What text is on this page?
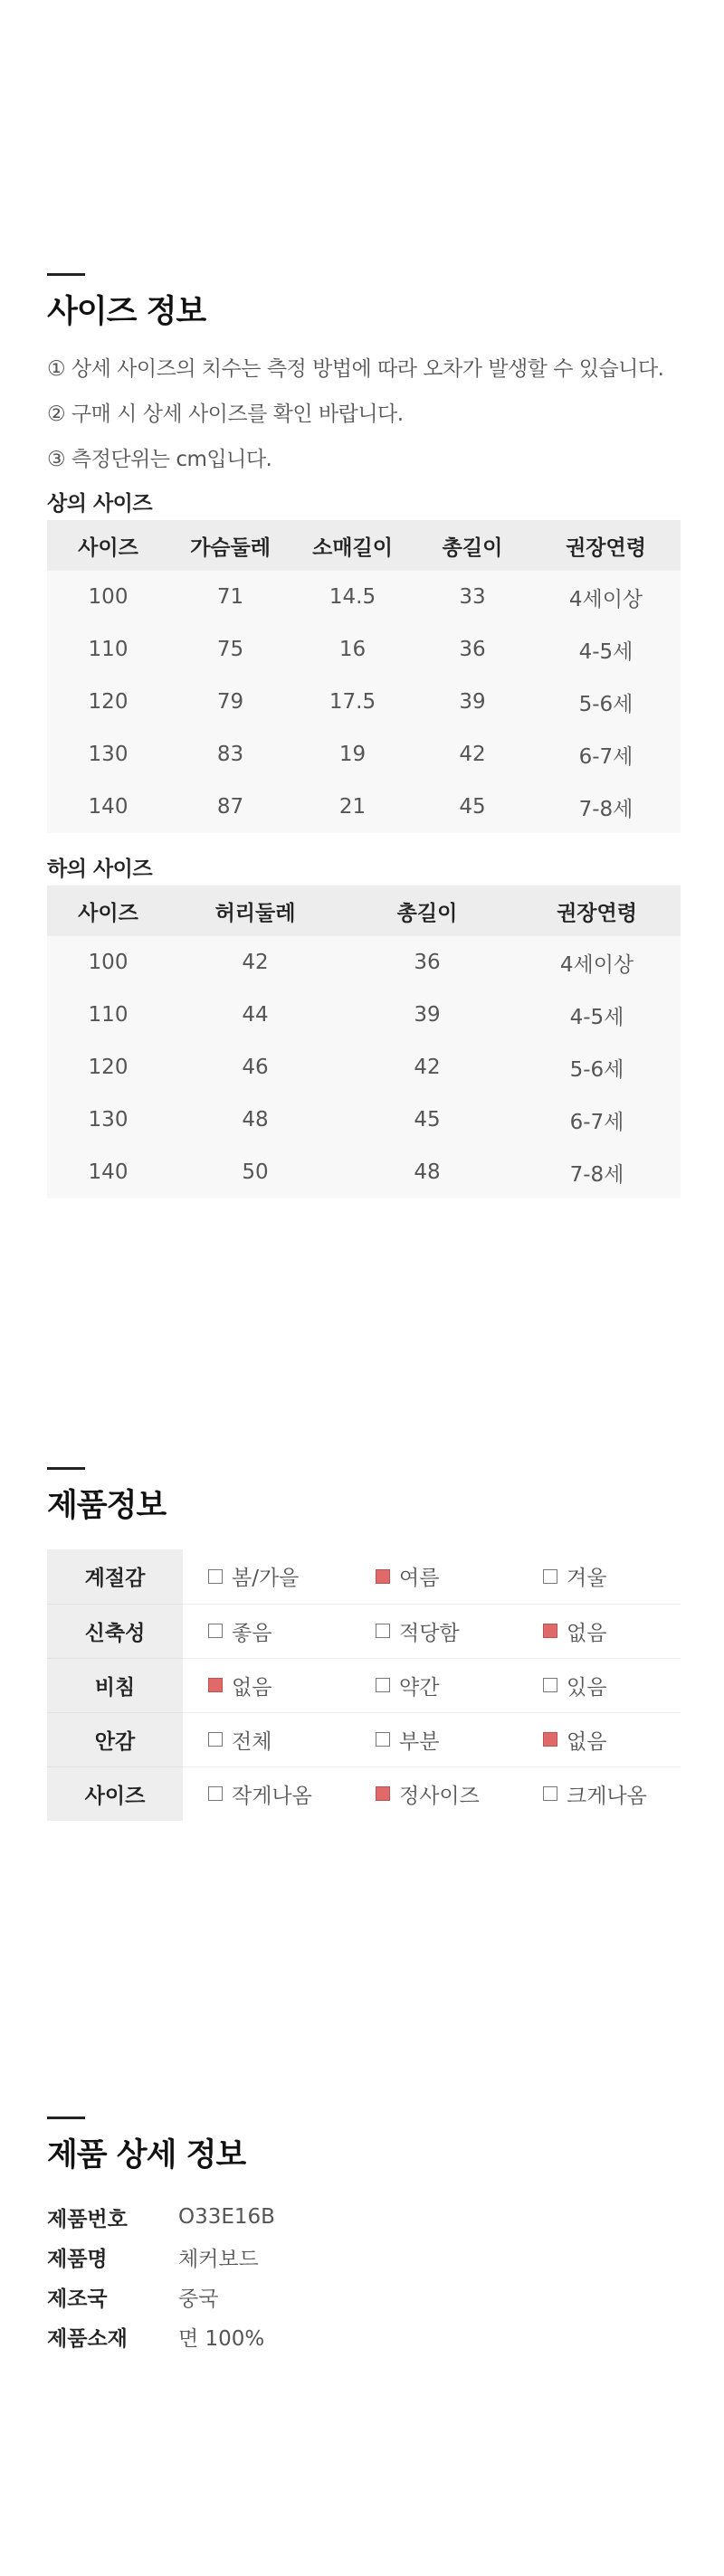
사이즈 정보
① 상세 사이즈의 치수는 측정 방법에 따라 오차가 발생할 수 있습니다.
② 구매 시 상세 사이즈를 확인 바랍니다.
③ 측정단위는 cm입니다.
상의 사이즈
사이즈	가슴둘레	소매길이	총길이	권장연령
100	71	14.5	33	4세이상
110	75	16	36	4-5세
120	79	17.5	39	5-6세
130	83	19	42	6-7세
140	87	21	45	7-8세
하의 사이즈
사이즈	허리둘레	총길이	권장연령
100	42	36	4세이상
110	44	39	4-5세
120	46	42	5-6세
130	48	45	6-7세
140	50	48	7-8세
제품정보
계절감	봄/가을	여름	겨울

신축성	좋음	적당함	없음

비침	없음	약간	있음

안감	전체	부분	없음

사이즈	작게나옴	정사이즈	크게나옴
제품 상세 정보
제품번호	O33E16B
제품명	체커보드
제조국	중국
제품소재	면 100%
